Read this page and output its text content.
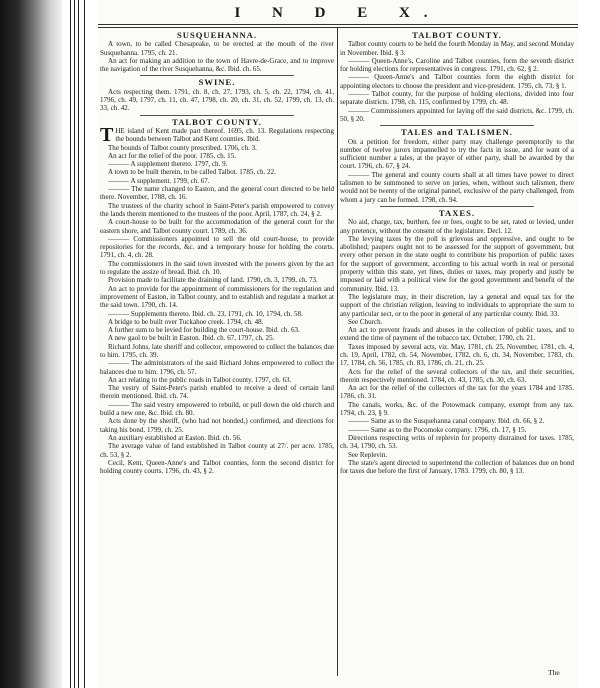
I N D E X.
SUSQUEHANNA.

A town, to be called Chesapeake, to be erected at the mouth of the river Susquehanna. 1795, ch. 21.

An act for making an addition to the town of Havre-de-Grace, and to improve the navigation of the river Susquehanna, &c. Ibid. ch. 65.

SWINE.

Acts respecting them. 1791, ch. 8, ch. 27, 1793, ch. 5, ch. 22, 1794, ch. 41, 1796, ch. 49, 1797, ch. 11, ch. 47, 1798, ch. 20, ch. 31, ch. 52, 1799, ch. 13, ch. 33, ch. 42.

TALBOT COUNTY.

THE island of Kent made part thereof. 1695, ch. 13. Regulations respecting the bounds between Talbot and Kent counties. Ibid.

The bounds of Talbot county prescribed. 1706, ch. 3.

An act for the relief of the poor. 1785, ch. 15.

——— A supplement thereto. 1797, ch. 9.

A town to be built therein, to be called Talbot. 1785, ch. 22.

——— A supplement. 1799, ch. 67.

——— The name changed to Easton, and the general court directed to be held there. November, 1788, ch. 16.

The trustees of the charity school in Saint-Peter's parish empowered to convey the lands therein mentioned to the trustees of the poor. April, 1787, ch. 24, § 2.

A court-house to be built for the accommodation of the general court for the eastern shore, and Talbot county court. 1789, ch. 36.

——— Commissioners appointed to sell the old court-house, to provide repositories for the records, &c. and a temporary house for holding the courts. 1791, ch. 4, ch. 28.

The commissioners in the said town invested with the powers given by the act to regulate the assize of bread. Ibid. ch. 10.

Provision made to facilitate the draining of land. 1790, ch. 3, 1799, ch. 73.

An act to provide for the appointment of commissioners for the regulation and improvement of Easton, in Talbot county, and to establish and regulate a market at the said town. 1790, ch. 14.

——— Supplements thereto. Ibid. ch. 23, 1791, ch. 10, 1794, ch. 58.

A bridge to be built over Tuckahoe creek. 1794, ch. 48.

A further sum to be levied for building the court-house. Ibid. ch. 63.

A new gaol to be built in Easton. Ibid. ch. 67, 1797, ch. 25.

Richard Johns, late sheriff and collector, empowered to collect the balances due to him. 1795, ch. 39.

——— The administrators of the said Richard Johns empowered to collect the balances due to him. 1796, ch. 57.

An act relating to the public roads in Talbot county. 1797, ch. 63.

The vestry of Saint-Peter's parish enabled to receive a deed of certain land therein mentioned. Ibid. ch. 74.

——— The said vestry empowered to rebuild, or pull down the old church and build a new one, &c. Ibid. ch. 80.

Acts done by the sheriff, (who had not bonded,) confirmed, and directions for taking his bond. 1799, ch. 25.

An auxiliary established at Easton. Ibid. ch. 56.

The average value of land established in Talbot county at 27/. per acre. 1785, ch. 53, § 2.

Cecil, Kent, Queen-Anne's and Talbot counties, form the second district for holding county courts. 1796, ch. 43, § 2.

TALBOT COUNTY.

Talbot county courts to be held the fourth Monday in May, and second Monday in November. Ibid. § 3.

——— Queen-Anne's, Caroline and Talbot counties, form the seventh district for holding elections for representatives in congress. 1791, ch. 62, § 2.

——— Queen-Anne's and Talbot counties form the eighth district for appointing electors to choose the president and vice-president. 1795, ch. 73, § 1.

——— Talbot county, for the purpose of holding elections, divided into four separate districts. 1798, ch. 115, confirmed by 1799, ch. 48.

——— Commissioners appointed for laying off the said districts, &c. 1799, ch. 50, § 20.

TALES and TALISMEN.

On a petition for freedom, either party may challenge peremptorily to the number of twelve jurors impannelled to try the facts in issue, and for want of a sufficient number a tales, at the prayer of either party, shall be awarded by the court. 1796, ch. 67, § 24.

——— The general and county courts shall at all times have power to direct talismen to be summoned to serve on juries, when, without such talismen, there would not be twenty of the original pannel, exclusive of the party challenged, from whom a jury can be formed. 1798, ch. 94.

TAXES.

No aid, charge, tax, burthen, fee or fees, ought to be set, rated or levied, under any pretence, without the consent of the legislature. Decl. 12.

The levying taxes by the poll is grievous and oppressive, and ought to be abolished; paupers ought not to be assessed for the support of government, but every other person in the state ought to contribute his proportion of public taxes for the support of government, according to his actual worth in real or personal property within this state, yet fines, duties or taxes, may properly and justly be imposed or laid with a political view for the good government and benefit of the community. Ibid. 13.

The legislature may, in their discretion, lay a general and equal tax for the support of the christian religion, leaving to individuals to appropriate the sum to any particular sect, or to the poor in general of any particular county. Ibid. 33.

See Church.

An act to prevent frauds and abuses in the collection of public taxes, and to extend the time of payment of the tobacco tax. October, 1780, ch. 21.

Taxes imposed by several acts, viz. May, 1781, ch. 25, November, 1781, ch. 4, ch. 19, April, 1782, ch. 54, November, 1782, ch. 6, ch. 34, November, 1783, ch. 17, 1784, ch. 56, 1785, ch. 83, 1786, ch. 21, ch. 25.

Acts for the relief of the several collectors of the tax, and their securities, therein respectively mentioned. 1784, ch. 43, 1785, ch. 30, ch. 63.

An act for the relief of the collectors of the tax for the years 1784 and 1785. 1786, ch. 31.

The canals, works, &c. of the Potowmack company, exempt from any tax. 1794, ch. 23, § 9.

——— Same as to the Susquehanna canal company. Ibid. ch. 66, § 2.

——— Same as to the Pocomoke company. 1796, ch. 17, § 15.

Directions respecting writs of replevin for property distrained for taxes. 1785, ch. 34, 1790, ch. 53.

See Replevin.

The state's agent directed to superintend the collection of balances due on bond for taxes due before the first of January, 1783. 1799, ch. 80, § 13.

The
